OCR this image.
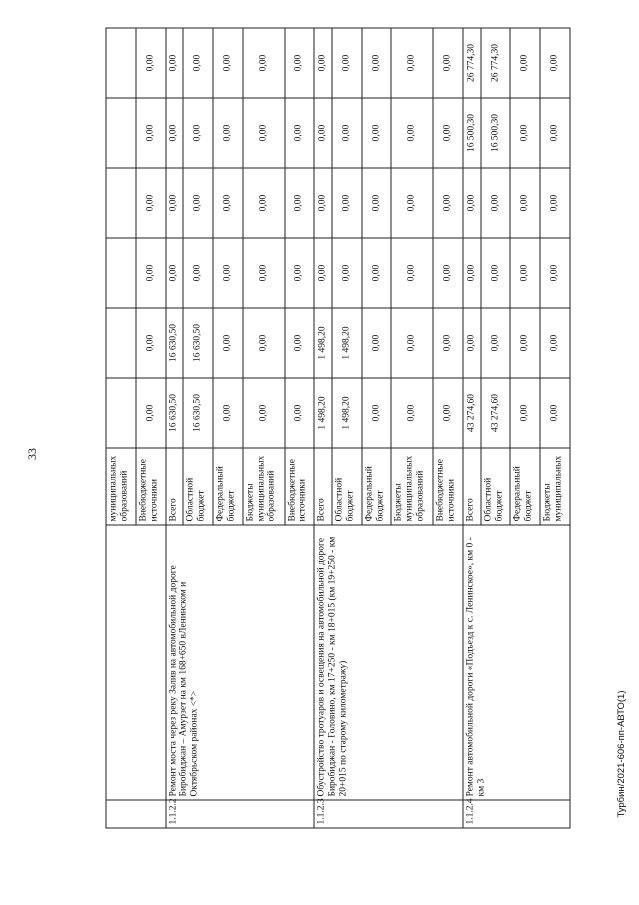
33
		муниципальных образований						
		Внебюджетные источники	0,00	0,00	0,00	0,00	0,00	0,00
1.1.2.2	Ремонт моста через реку Залив на автомобильной дороге Биробиджан – Амурзет на км 168+650 вЛенинском и Октябрьском районах <*>	Всего	16 630,50	16 630,50	0,00	0,00	0,00	0,00
		Областной бюджет	16 630,50	16 630,50	0,00	0,00	0,00	0,00
		Федеральный бюджет	0,00	0,00	0,00	0,00	0,00	0,00
		Бюджеты муниципальных образований	0,00	0,00	0,00	0,00	0,00	0,00
		Внебюджетные источники	0,00	0,00	0,00	0,00	0,00	0,00
1.1.2.3	Обустройство тротуаров и освещения на автомобильной дороге Биробиджан - Головино, км 17+250 - км 18+015 (км 19+250 - км 20+015 по старому километражу)	Всего	1 498,20	1 498,20	0,00	0,00	0,00	0,00
		Областной бюджет	1 498,20	1 498,20	0,00	0,00	0,00	0,00
		Федеральный бюджет	0,00	0,00	0,00	0,00	0,00	0,00
		Бюджеты муниципальных образований	0,00	0,00	0,00	0,00	0,00	0,00
		Внебюджетные источники	0,00	0,00	0,00	0,00	0,00	0,00
1.1.2.4	Ремонт автомобильной дороги «Подъезд к с. Ленинское», км 0 - км 3	Всего	43 274,60	0,00	0,00	0,00	16 500,30	26 774,30
		Областной бюджет	43 274,60	0,00	0,00	0,00	16 500,30	26 774,30
		Федеральный бюджет	0,00	0,00	0,00	0,00	0,00	0,00
		Бюджеты муниципальных	0,00	0,00	0,00	0,00	0,00	0,00
Турбин/2021-606-пп-АВТО(1)
